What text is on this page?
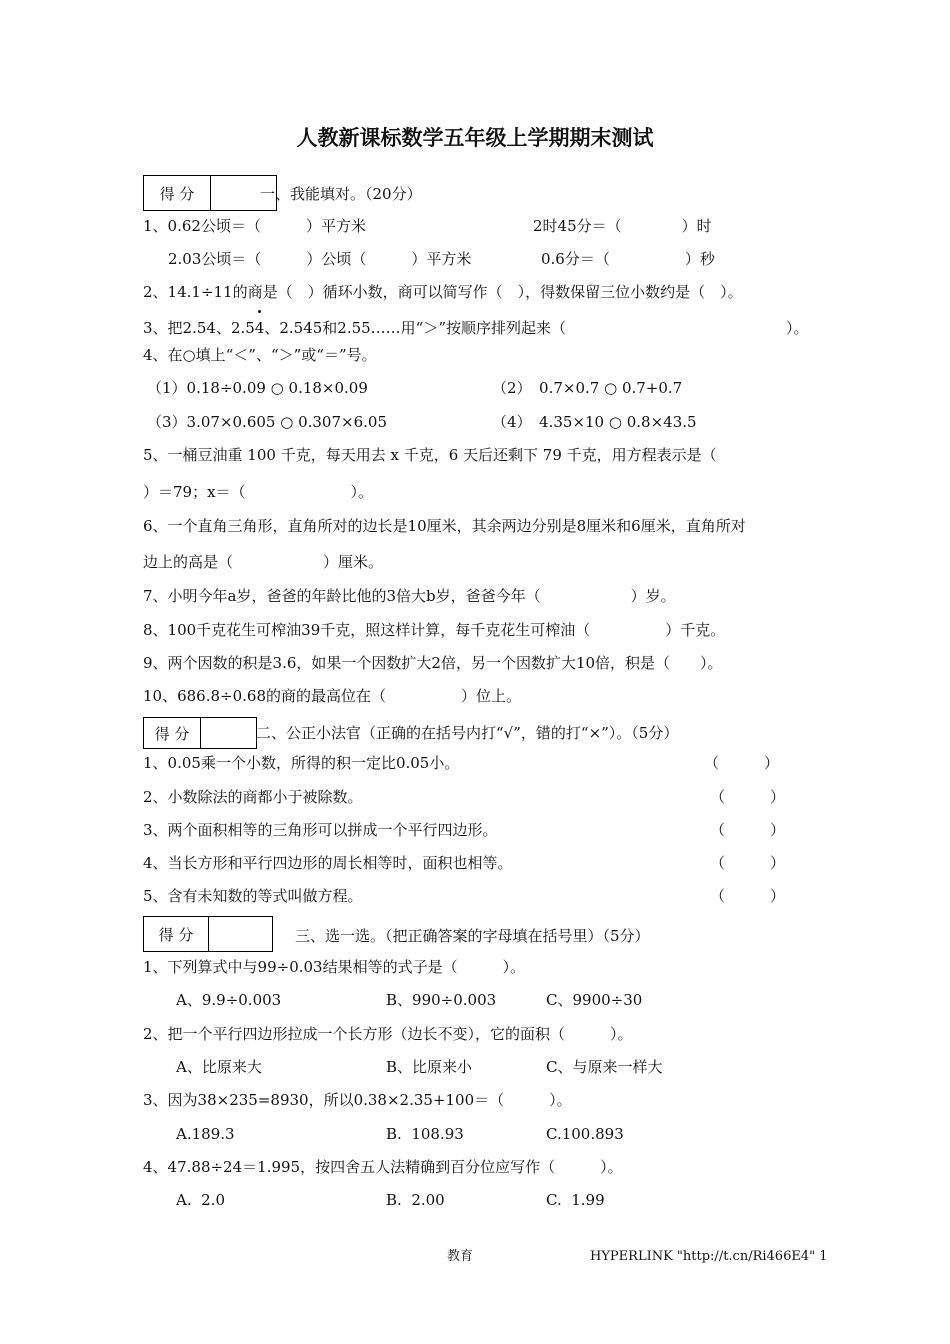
人教新课标数学五年级上学期期末测试
得 分	一、我能填对。（20分）
1、0.62公顷＝（　　　）平方米	2时45分＝（　　　　）时
2.03公顷＝（　　　）公顷（　　　）平方米	0.6分＝（　　　　　）秒
2、14.1÷11的商是（　）循环小数，商可以简写作（　），得数保留三位小数约是（　）。
3、把2.54、2.54、2.545和2.55……用“＞”按顺序排列起来（	）。
4、在○填上“＜”、“＞”或“＝”号。
（1）0.18÷0.09 ○ 0.18×0.09	（2）　0.7×0.7 ○ 0.7+0.7
（3）3.07×0.605 ○ 0.307×6.05	（4）　4.35×10 ○ 0.8×43.5
5、一桶豆油重 100 千克，每天用去 x 千克，6 天后还剩下 79 千克，用方程表示是（
）＝79；x＝（　　　　　　　）。
6、一个直角三角形，直角所对的边长是10厘米，其余两边分别是8厘米和6厘米，直角所对
边上的高是（　　　　　　）厘米。
7、小明今年a岁，爸爸的年龄比他的3倍大b岁，爸爸今年（　　　　　　）岁。
8、100千克花生可榨油39千克，照这样计算，每千克花生可榨油（　　　　　）千克。
9、两个因数的积是3.6，如果一个因数扩大2倍，另一个因数扩大10倍，积是（　　）。
10、686.8÷0.68的商的最高位在（　　　　　）位上。
得 分	二、公正小法官（正确的在括号内打“√”，错的打“×”）。（5分）
1、0.05乘一个小数，所得的积一定比0.05小。	（　　　）
2、小数除法的商都小于被除数。	（　　　）
3、两个面积相等的三角形可以拼成一个平行四边形。	（　　　）
4、当长方形和平行四边形的周长相等时，面积也相等。	（　　　）
5、含有未知数的等式叫做方程。	（　　　）
得 分	三、选一选。（把正确答案的字母填在括号里）（5分）
1、下列算式中与99÷0.03结果相等的式子是（　　　）。
A、9.9÷0.003	B、990÷0.003	C、9900÷30
2、把一个平行四边形拉成一个长方形（边长不变），它的面积（　　　）。
A、比原来大	B、比原来小	C、与原来一样大
3、因为38×235=8930，所以0.38×2.35+100＝（　　　）。
A.189.3	B.  108.93	C.100.893
4、47.88÷24＝1.995，按四舍五人法精确到百分位应写作（　　　）。
A.  2.0	B.  2.00	C.  1.99
教育	HYPERLINK "http://t.cn/Ri466E4" 1
